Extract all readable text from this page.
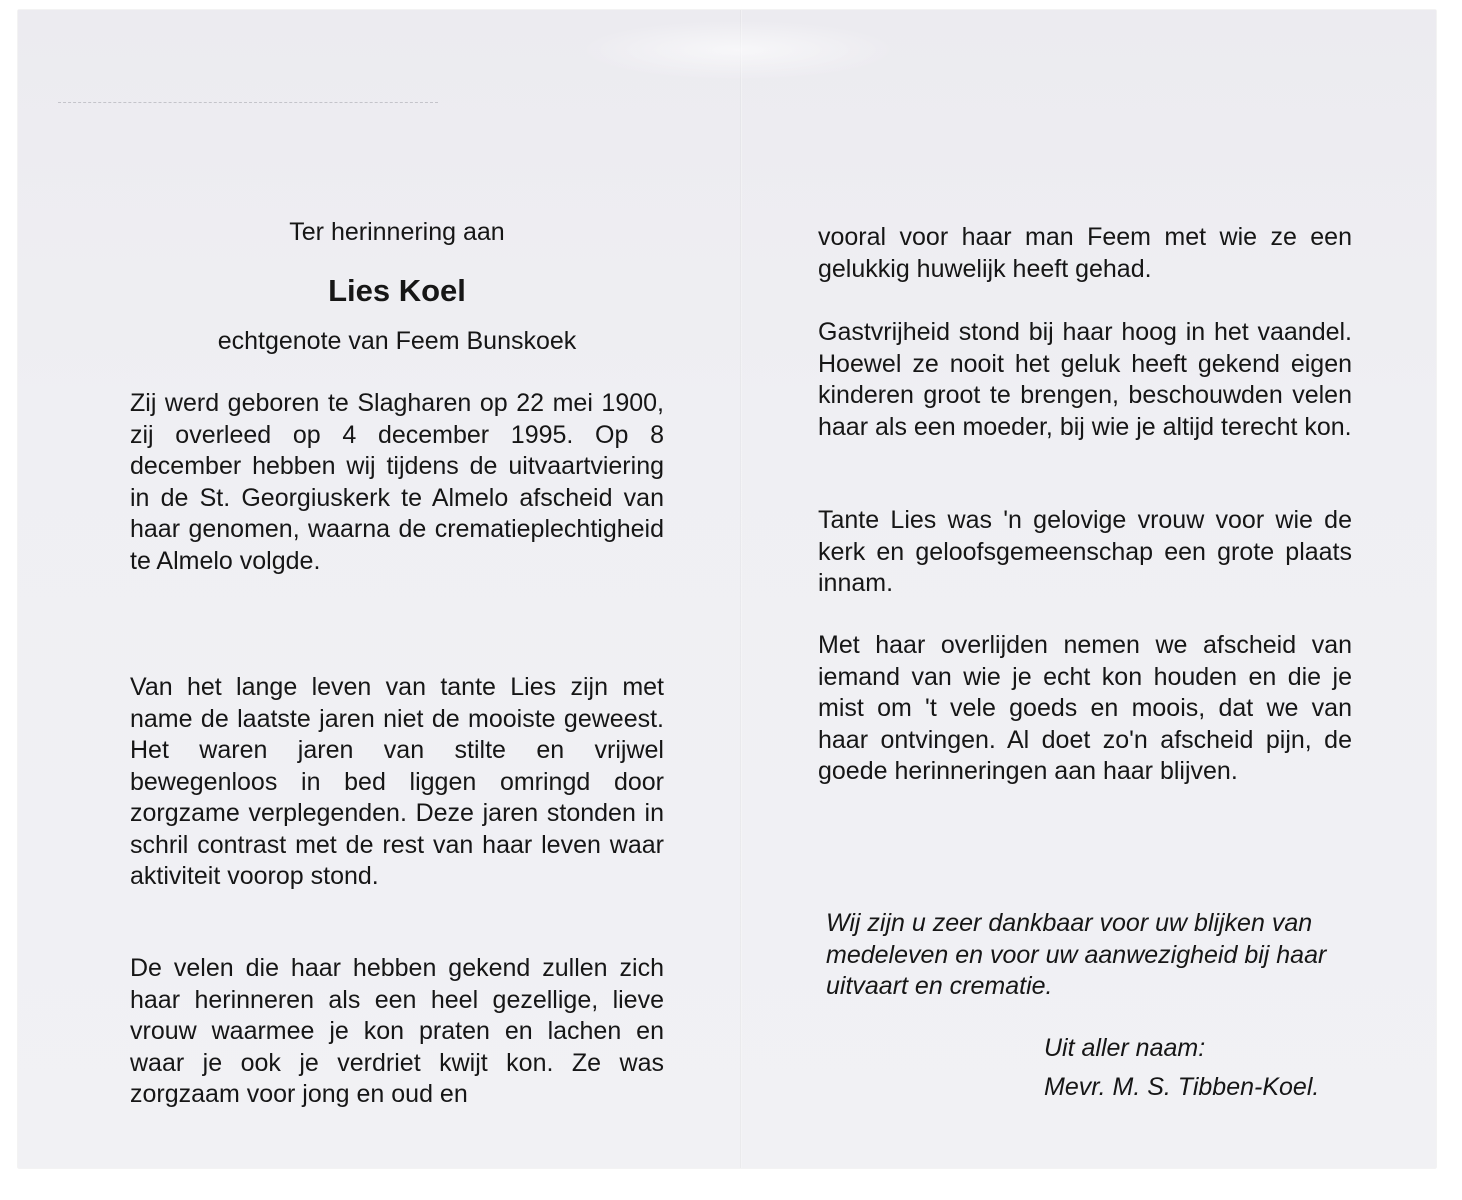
Ter herinnering aan

Lies Koel

echtgenote van Feem Bunskoek

Zij werd geboren te Slagharen op 22 mei 1900, zij overleed op 4 december 1995. Op 8 december hebben wij tijdens de uitvaartviering in de St. Georgiuskerk te Almelo afscheid van haar genomen, waarna de crematieplechtigheid te Almelo volgde.

Van het lange leven van tante Lies zijn met name de laatste jaren niet de mooiste geweest. Het waren jaren van stilte en vrijwel bewegenloos in bed liggen omringd door zorgzame verplegenden. Deze jaren stonden in schril contrast met de rest van haar leven waar aktiviteit voorop stond.

De velen die haar hebben gekend zullen zich haar herinneren als een heel gezellige, lieve vrouw waarmee je kon praten en lachen en waar je ook je verdriet kwijt kon. Ze was zorgzaam voor jong en oud en

vooral voor haar man Feem met wie ze een gelukkig huwelijk heeft gehad.

Gastvrijheid stond bij haar hoog in het vaandel. Hoewel ze nooit het geluk heeft gekend eigen kinderen groot te brengen, beschouwden velen haar als een moeder, bij wie je altijd terecht kon.

Tante Lies was 'n gelovige vrouw voor wie de kerk en geloofsgemeenschap een grote plaats innam.

Met haar overlijden nemen we afscheid van iemand van wie je echt kon houden en die je mist om 't vele goeds en moois, dat we van haar ontvingen. Al doet zo'n afscheid pijn, de goede herinneringen aan haar blijven.

Wij zijn u zeer dankbaar voor uw blijken van medeleven en voor uw aanwezigheid bij haar uitvaart en crematie.

Uit aller naam:

Mevr. M. S. Tibben-Koel.
